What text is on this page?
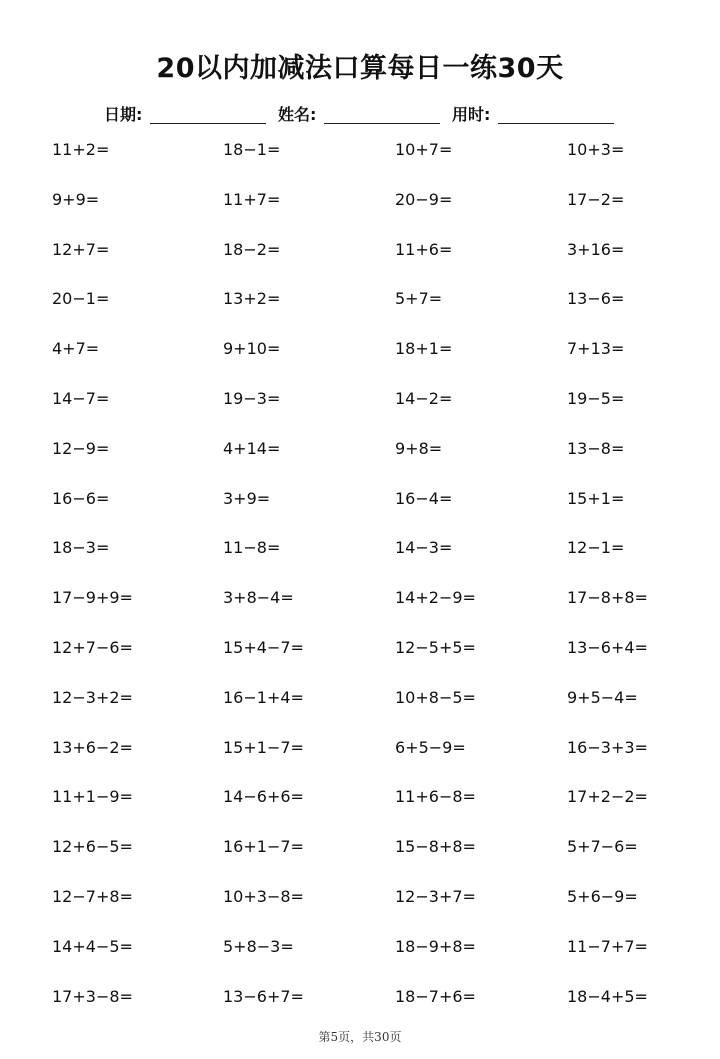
20以内加减法口算每日一练30天
日期:	姓名:	用时:
11+2=	18−1=	10+7=	10+3=
9+9=	11+7=	20−9=	17−2=
12+7=	18−2=	11+6=	3+16=
20−1=	13+2=	5+7=	13−6=
4+7=	9+10=	18+1=	7+13=
14−7=	19−3=	14−2=	19−5=
12−9=	4+14=	9+8=	13−8=
16−6=	3+9=	16−4=	15+1=
18−3=	11−8=	14−3=	12−1=
17−9+9=	3+8−4=	14+2−9=	17−8+8=
12+7−6=	15+4−7=	12−5+5=	13−6+4=
12−3+2=	16−1+4=	10+8−5=	9+5−4=
13+6−2=	15+1−7=	6+5−9=	16−3+3=
11+1−9=	14−6+6=	11+6−8=	17+2−2=
12+6−5=	16+1−7=	15−8+8=	5+7−6=
12−7+8=	10+3−8=	12−3+7=	5+6−9=
14+4−5=	5+8−3=	18−9+8=	11−7+7=
17+3−8=	13−6+7=	18−7+6=	18−4+5=
第5页，共30页
